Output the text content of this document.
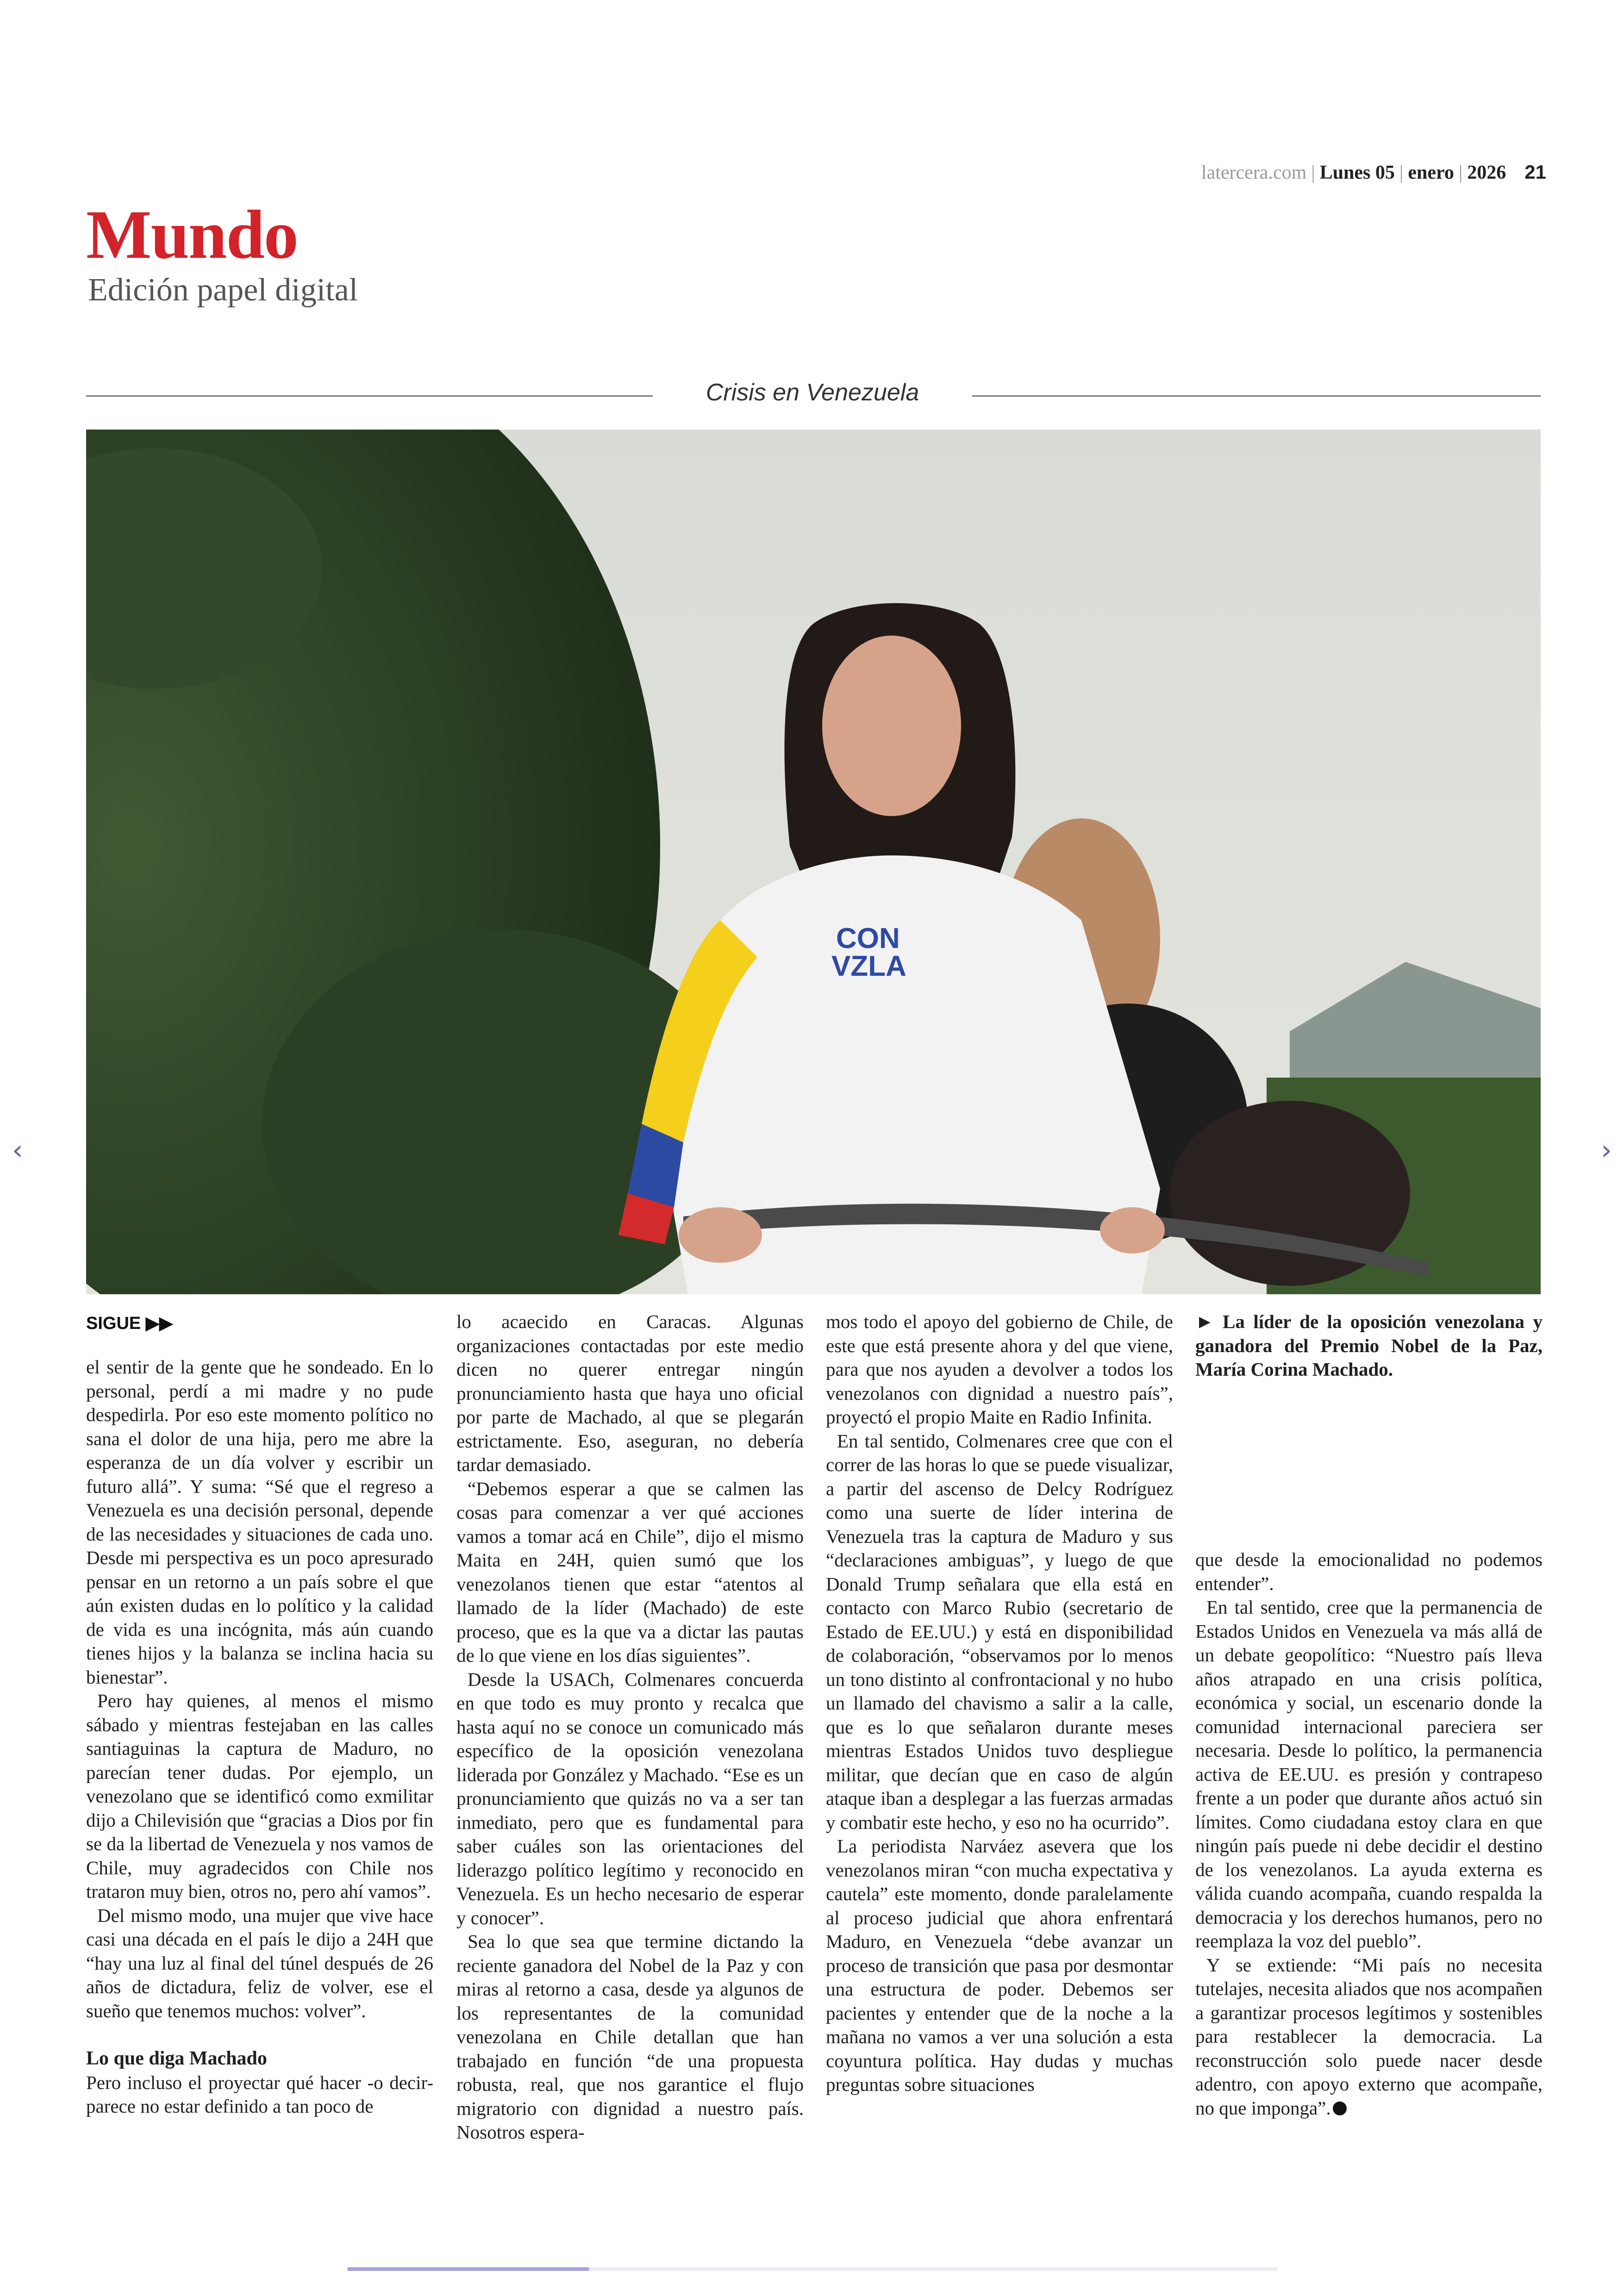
latercera.com | Lunes 05 | enero | 2026 21
Mundo
Edición papel digital
Crisis en Venezuela
CON
VZLA
‹	›
SIGUE ▶▶

el sentir de la gente que he sondeado. En lo personal, perdí a mi madre y no pude despedirla. Por eso este momento político no sana el dolor de una hija, pero me abre la esperanza de un día volver y escribir un futuro allá”. Y suma: “Sé que el regreso a Venezuela es una decisión personal, depende de las necesidades y situaciones de cada uno. Desde mi perspectiva es un poco apresurado pensar en un retorno a un país sobre el que aún existen dudas en lo político y la calidad de vida es una incógnita, más aún cuando tienes hijos y la balanza se inclina hacia su bienestar”.

Pero hay quienes, al menos el mismo sábado y mientras festejaban en las calles santiaguinas la captura de Maduro, no parecían tener dudas. Por ejemplo, un venezolano que se identificó como exmilitar dijo a Chilevisión que “gracias a Dios por fin se da la libertad de Venezuela y nos vamos de Chile, muy agradecidos con Chile nos trataron muy bien, otros no, pero ahí vamos”.

Del mismo modo, una mujer que vive hace casi una década en el país le dijo a 24H que “hay una luz al final del túnel después de 26 años de dictadura, feliz de volver, ese el sueño que tenemos muchos: volver”.

Lo que diga Machado

Pero incluso el proyectar qué hacer -o decir- parece no estar definido a tan poco de

lo acaecido en Caracas. Algunas organizaciones contactadas por este medio dicen no querer entregar ningún pronunciamiento hasta que haya uno oficial por parte de Machado, al que se plegarán estrictamente. Eso, aseguran, no debería tardar demasiado.

“Debemos esperar a que se calmen las cosas para comenzar a ver qué acciones vamos a tomar acá en Chile”, dijo el mismo Maita en 24H, quien sumó que los venezolanos tienen que estar “atentos al llamado de la líder (Machado) de este proceso, que es la que va a dictar las pautas de lo que viene en los días siguientes”.

Desde la USACh, Colmenares concuerda en que todo es muy pronto y recalca que hasta aquí no se conoce un comunicado más específico de la oposición venezolana liderada por González y Machado. “Ese es un pronunciamiento que quizás no va a ser tan inmediato, pero que es fundamental para saber cuáles son las orientaciones del liderazgo político legítimo y reconocido en Venezuela. Es un hecho necesario de esperar y conocer”.

Sea lo que sea que termine dictando la reciente ganadora del Nobel de la Paz y con miras al retorno a casa, desde ya algunos de los representantes de la comunidad venezolana en Chile detallan que han trabajado en función “de una propuesta robusta, real, que nos garantice el flujo migratorio con dignidad a nuestro país. Nosotros espera-

mos todo el apoyo del gobierno de Chile, de este que está presente ahora y del que viene, para que nos ayuden a devolver a todos los venezolanos con dignidad a nuestro país”, proyectó el propio Maite en Radio Infinita.

En tal sentido, Colmenares cree que con el correr de las horas lo que se puede visualizar, a partir del ascenso de Delcy Rodríguez como una suerte de líder interina de Venezuela tras la captura de Maduro y sus “declaraciones ambiguas”, y luego de que Donald Trump señalara que ella está en contacto con Marco Rubio (secretario de Estado de EE.UU.) y está en disponibilidad de colaboración, “observamos por lo menos un tono distinto al confrontacional y no hubo un llamado del chavismo a salir a la calle, que es lo que señalaron durante meses mientras Estados Unidos tuvo despliegue militar, que decían que en caso de algún ataque iban a desplegar a las fuerzas armadas y combatir este hecho, y eso no ha ocurrido”.

La periodista Narváez asevera que los venezolanos miran “con mucha expectativa y cautela” este momento, donde paralelamente al proceso judicial que ahora enfrentará Maduro, en Venezuela “debe avanzar un proceso de transición que pasa por desmontar una estructura de poder. Debemos ser pacientes y entender que de la noche a la mañana no vamos a ver una solución a esta coyuntura política. Hay dudas y muchas preguntas sobre situaciones

► La líder de la oposición venezolana y ganadora del Premio Nobel de la Paz, María Corina Machado.

que desde la emocionalidad no podemos entender”.

En tal sentido, cree que la permanencia de Estados Unidos en Venezuela va más allá de un debate geopolítico: “Nuestro país lleva años atrapado en una crisis política, económica y social, un escenario donde la comunidad internacional pareciera ser necesaria. Desde lo político, la permanencia activa de EE.UU. es presión y contrapeso frente a un poder que durante años actuó sin límites. Como ciudadana estoy clara en que ningún país puede ni debe decidir el destino de los venezolanos. La ayuda externa es válida cuando acompaña, cuando respalda la democracia y los derechos humanos, pero no reemplaza la voz del pueblo”.

Y se extiende: “Mi país no necesita tutelajes, necesita aliados que nos acompañen a garantizar procesos legítimos y sostenibles para restablecer la democracia. La reconstrucción solo puede nacer desde adentro, con apoyo externo que acompañe, no que imponga”.
